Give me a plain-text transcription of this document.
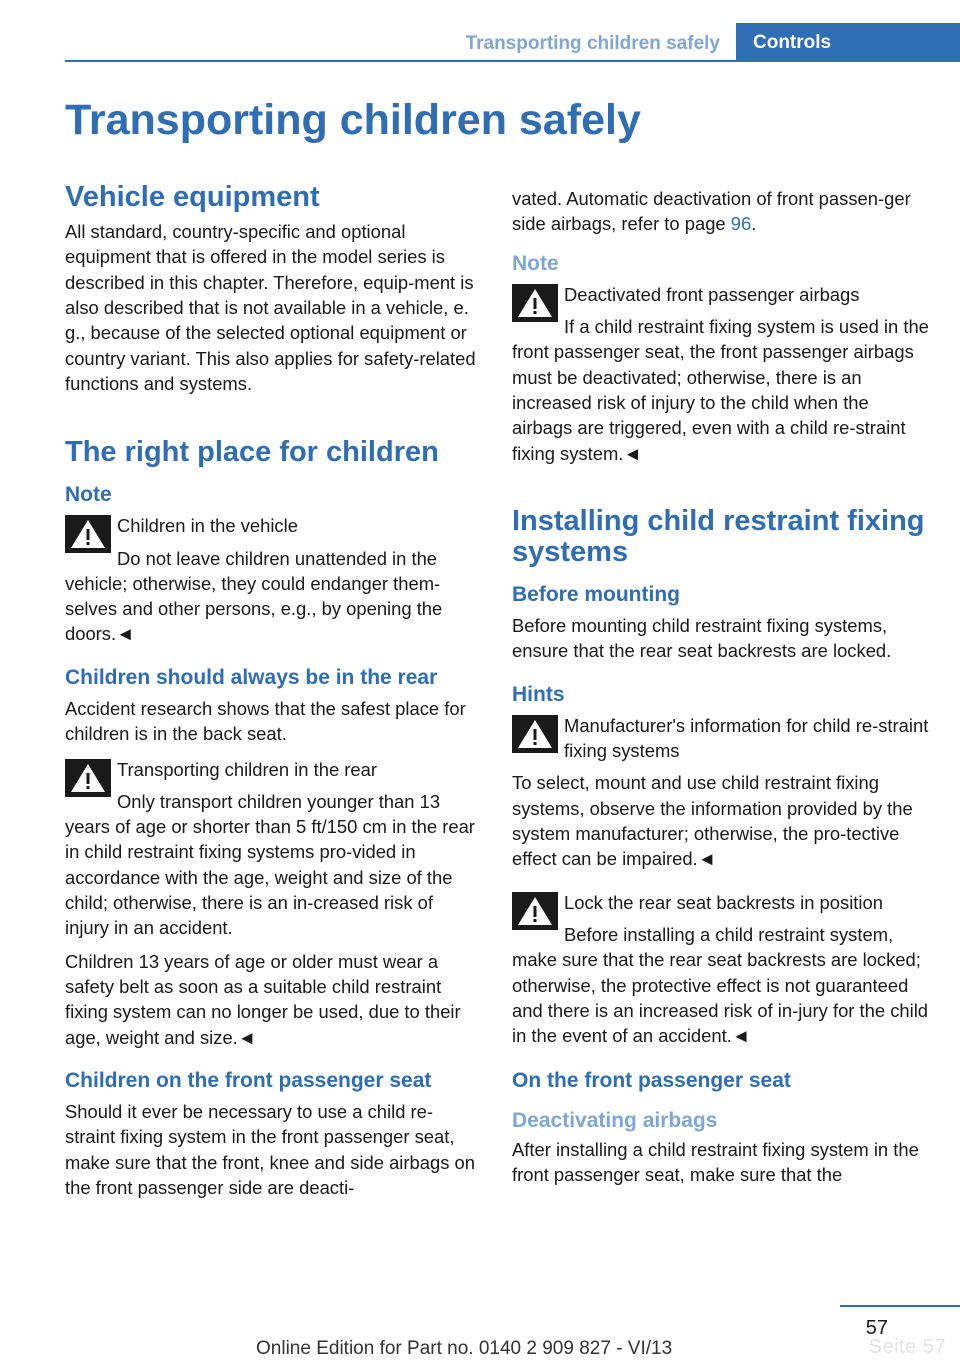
Transporting children safely	Controls
Transporting children safely
Vehicle equipment

All standard, country-specific and optional equipment that is offered in the model series is described in this chapter. Therefore, equip-ment is also described that is not available in a vehicle, e. g., because of the selected optional equipment or country variant. This also applies for safety-related functions and systems.

The right place for children
Note
Children in the vehicle

Do not leave children unattended in the vehicle; otherwise, they could endanger them-selves and other persons, e.g., by opening the doors.◄

Children should always be in the rear

Accident research shows that the safest place for children is in the back seat.

Transporting children in the rear

Only transport children younger than 13 years of age or shorter than 5 ft/150 cm in the rear in child restraint fixing systems pro-vided in accordance with the age, weight and size of the child; otherwise, there is an in-creased risk of injury in an accident.

Children 13 years of age or older must wear a safety belt as soon as a suitable child restraint fixing system can no longer be used, due to their age, weight and size.◄

Children on the front passenger seat

Should it ever be necessary to use a child re-straint fixing system in the front passenger seat, make sure that the front, knee and side airbags on the front passenger side are deacti-

vated. Automatic deactivation of front passen-ger side airbags, refer to page 96.

Note
Deactivated front passenger airbags

If a child restraint fixing system is used in the front passenger seat, the front passenger airbags must be deactivated; otherwise, there is an increased risk of injury to the child when the airbags are triggered, even with a child re-straint fixing system.◄

Installing child restraint fixing systems
Before mounting

Before mounting child restraint fixing systems, ensure that the rear seat backrests are locked.

Hints
Manufacturer's information for child re-straint fixing systems

To select, mount and use child restraint fixing systems, observe the information provided by the system manufacturer; otherwise, the pro-tective effect can be impaired.◄

Lock the rear seat backrests in position

Before installing a child restraint system, make sure that the rear seat backrests are locked; otherwise, the protective effect is not guaranteed and there is an increased risk of in-jury for the child in the event of an accident.◄

On the front passenger seat
Deactivating airbags

After installing a child restraint fixing system in the front passenger seat, make sure that the

57
Seite 57
Online Edition for Part no. 0140 2 909 827 - VI/13
